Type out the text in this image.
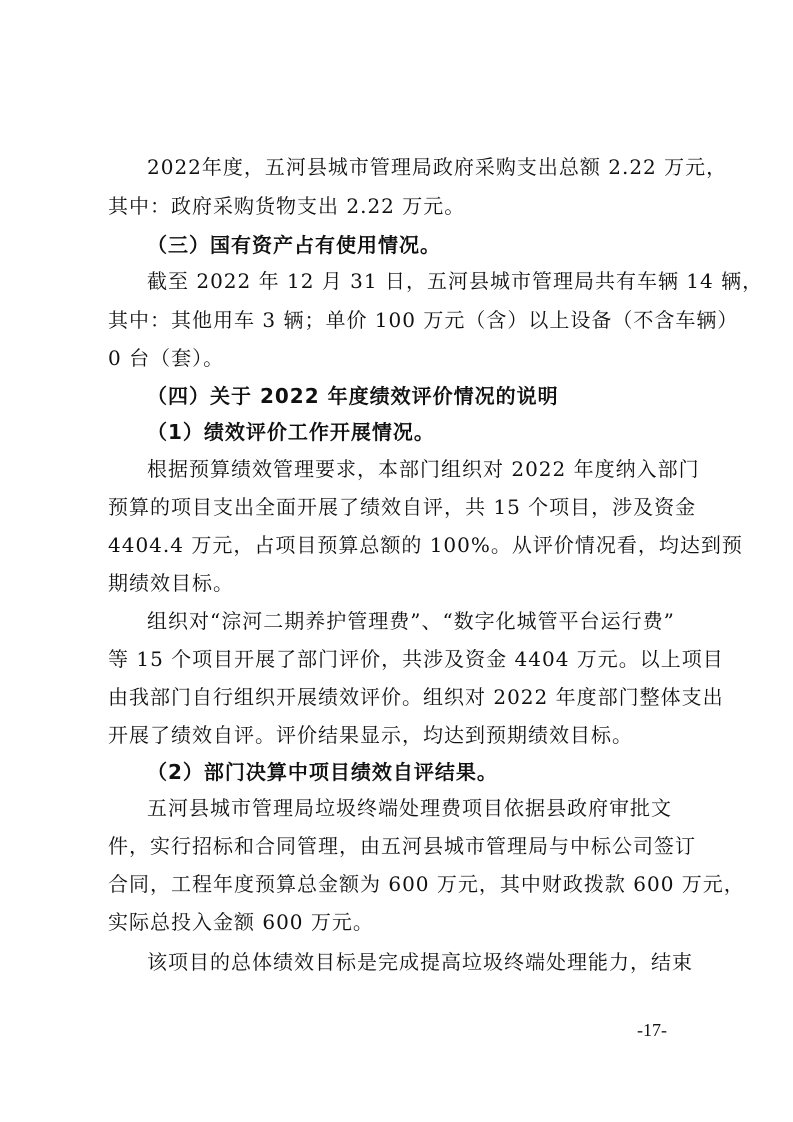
2022年度，五河县城市管理局政府采购支出总额 2.22 万元，
其中：政府采购货物支出 2.22 万元。
（三）国有资产占有使用情况。
截至 2022 年 12 月 31 日，五河县城市管理局共有车辆 14 辆，
其中：其他用车 3 辆；单价 100 万元（含）以上设备（不含车辆）
0 台（套）。
（四）关于 2022 年度绩效评价情况的说明
（1）绩效评价工作开展情况。
根据预算绩效管理要求，本部门组织对 2022 年度纳入部门
预算的项目支出全面开展了绩效自评，共 15 个项目，涉及资金
4404.4 万元，占项目预算总额的 100%。从评价情况看，均达到预
期绩效目标。
组织对“淙河二期养护管理费”、“数字化城管平台运行费”
等 15 个项目开展了部门评价，共涉及资金 4404 万元。以上项目
由我部门自行组织开展绩效评价。组织对 2022 年度部门整体支出
开展了绩效自评。评价结果显示，均达到预期绩效目标。
（2）部门决算中项目绩效自评结果。
五河县城市管理局垃圾终端处理费项目依据县政府审批文
件，实行招标和合同管理，由五河县城市管理局与中标公司签订
合同，工程年度预算总金额为 600 万元，其中财政拨款 600 万元，
实际总投入金额 600 万元。
该项目的总体绩效目标是完成提高垃圾终端处理能力，结束
-17-
